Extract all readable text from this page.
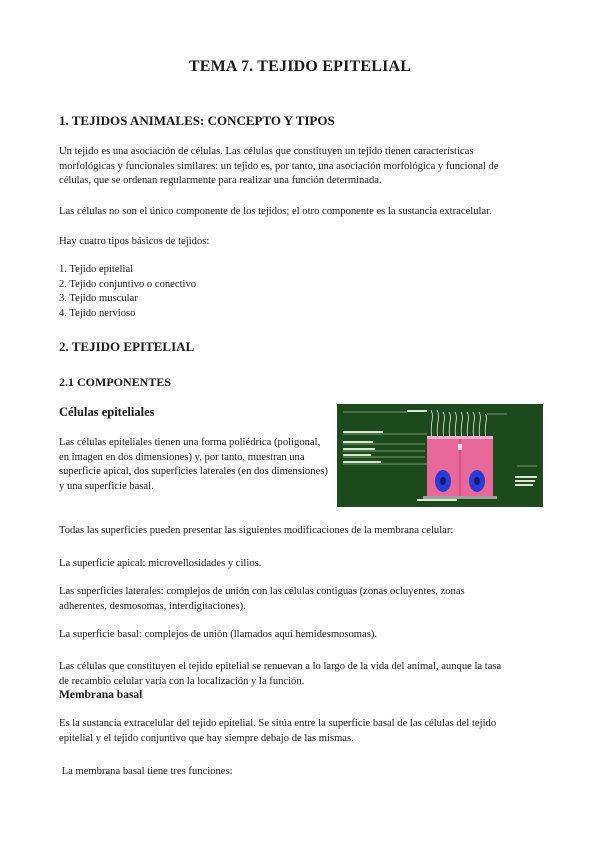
TEMA 7. TEJIDO EPITELIAL
1. TEJIDOS ANIMALES: CONCEPTO Y TIPOS
Un tejido es una asociación de células. Las células que constituyen un tejido tienen características
morfológicas y funcionales similares: un tejido es, por tanto, una asociación morfológica y funcional de
células, que se ordenan regularmente para realizar una función determinada.
Las células no son el único componente de los tejidos; el otro componente es la sustancia extracelular.
Hay cuatro tipos básicos de tejidos:
1. Tejido epitelial
2. Tejido conjuntivo o conectivo
3. Tejido muscular
4. Tejido nervioso
2. TEJIDO EPITELIAL
2.1 COMPONENTES
Células epiteliales
Las células epiteliales tienen una forma poliédrica (poligonal,
en imagen en dos dimensiones) y, por tanto, muestran una
superficie apical, dos superficies laterales (en dos dimensiones)
y una superficie basal.
Todas las superficies pueden presentar las siguientes modificaciones de la membrana celular:
La superficie apical: microvellosidades y cilios.
Las superficies laterales: complejos de unión con las células contiguas (zonas ocluyentes, zonas
adherentes, desmosomas, interdigitaciones).
La superficie basal: complejos de unión (llamados aquí hemidesmosomas).
Las células que constituyen el tejido epitelial se renuevan a lo largo de la vida del animal, aunque la tasa
de recambio celular varía con la localización y la función.
Membrana basal
Es la sustancia extracelular del tejido epitelial. Se sitúa entre la superficie basal de las células del tejido
epitelial y el tejido conjuntivo que hay siempre debajo de las mismas.
La membrana basal tiene tres funciones:
